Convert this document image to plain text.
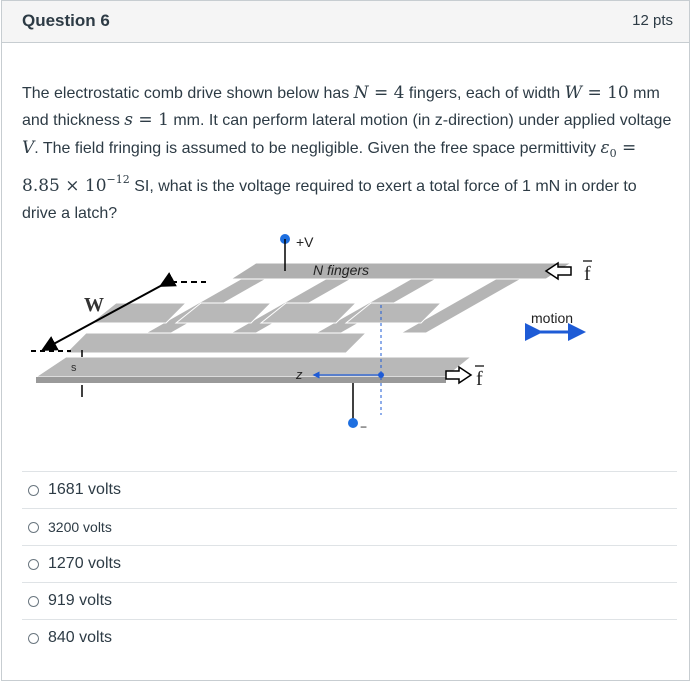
Question 6	12 pts
The electrostatic comb drive shown below has N = 4 fingers, each of width W = 10 mm and thickness s = 1 mm. It can perform lateral motion (in z-direction) under applied voltage V. The field fringing is assumed to be negligible. Given the free space permittivity $\varepsilon_0 = 8.85 \times 10^{-12}$ SI, what is the voltage required to exert a total force of 1 mN in order to drive a latch?
W
s
+V
N fingers
−
z
f
f
motion
1681 volts
3200 volts
1270 volts
919 volts
840 volts
